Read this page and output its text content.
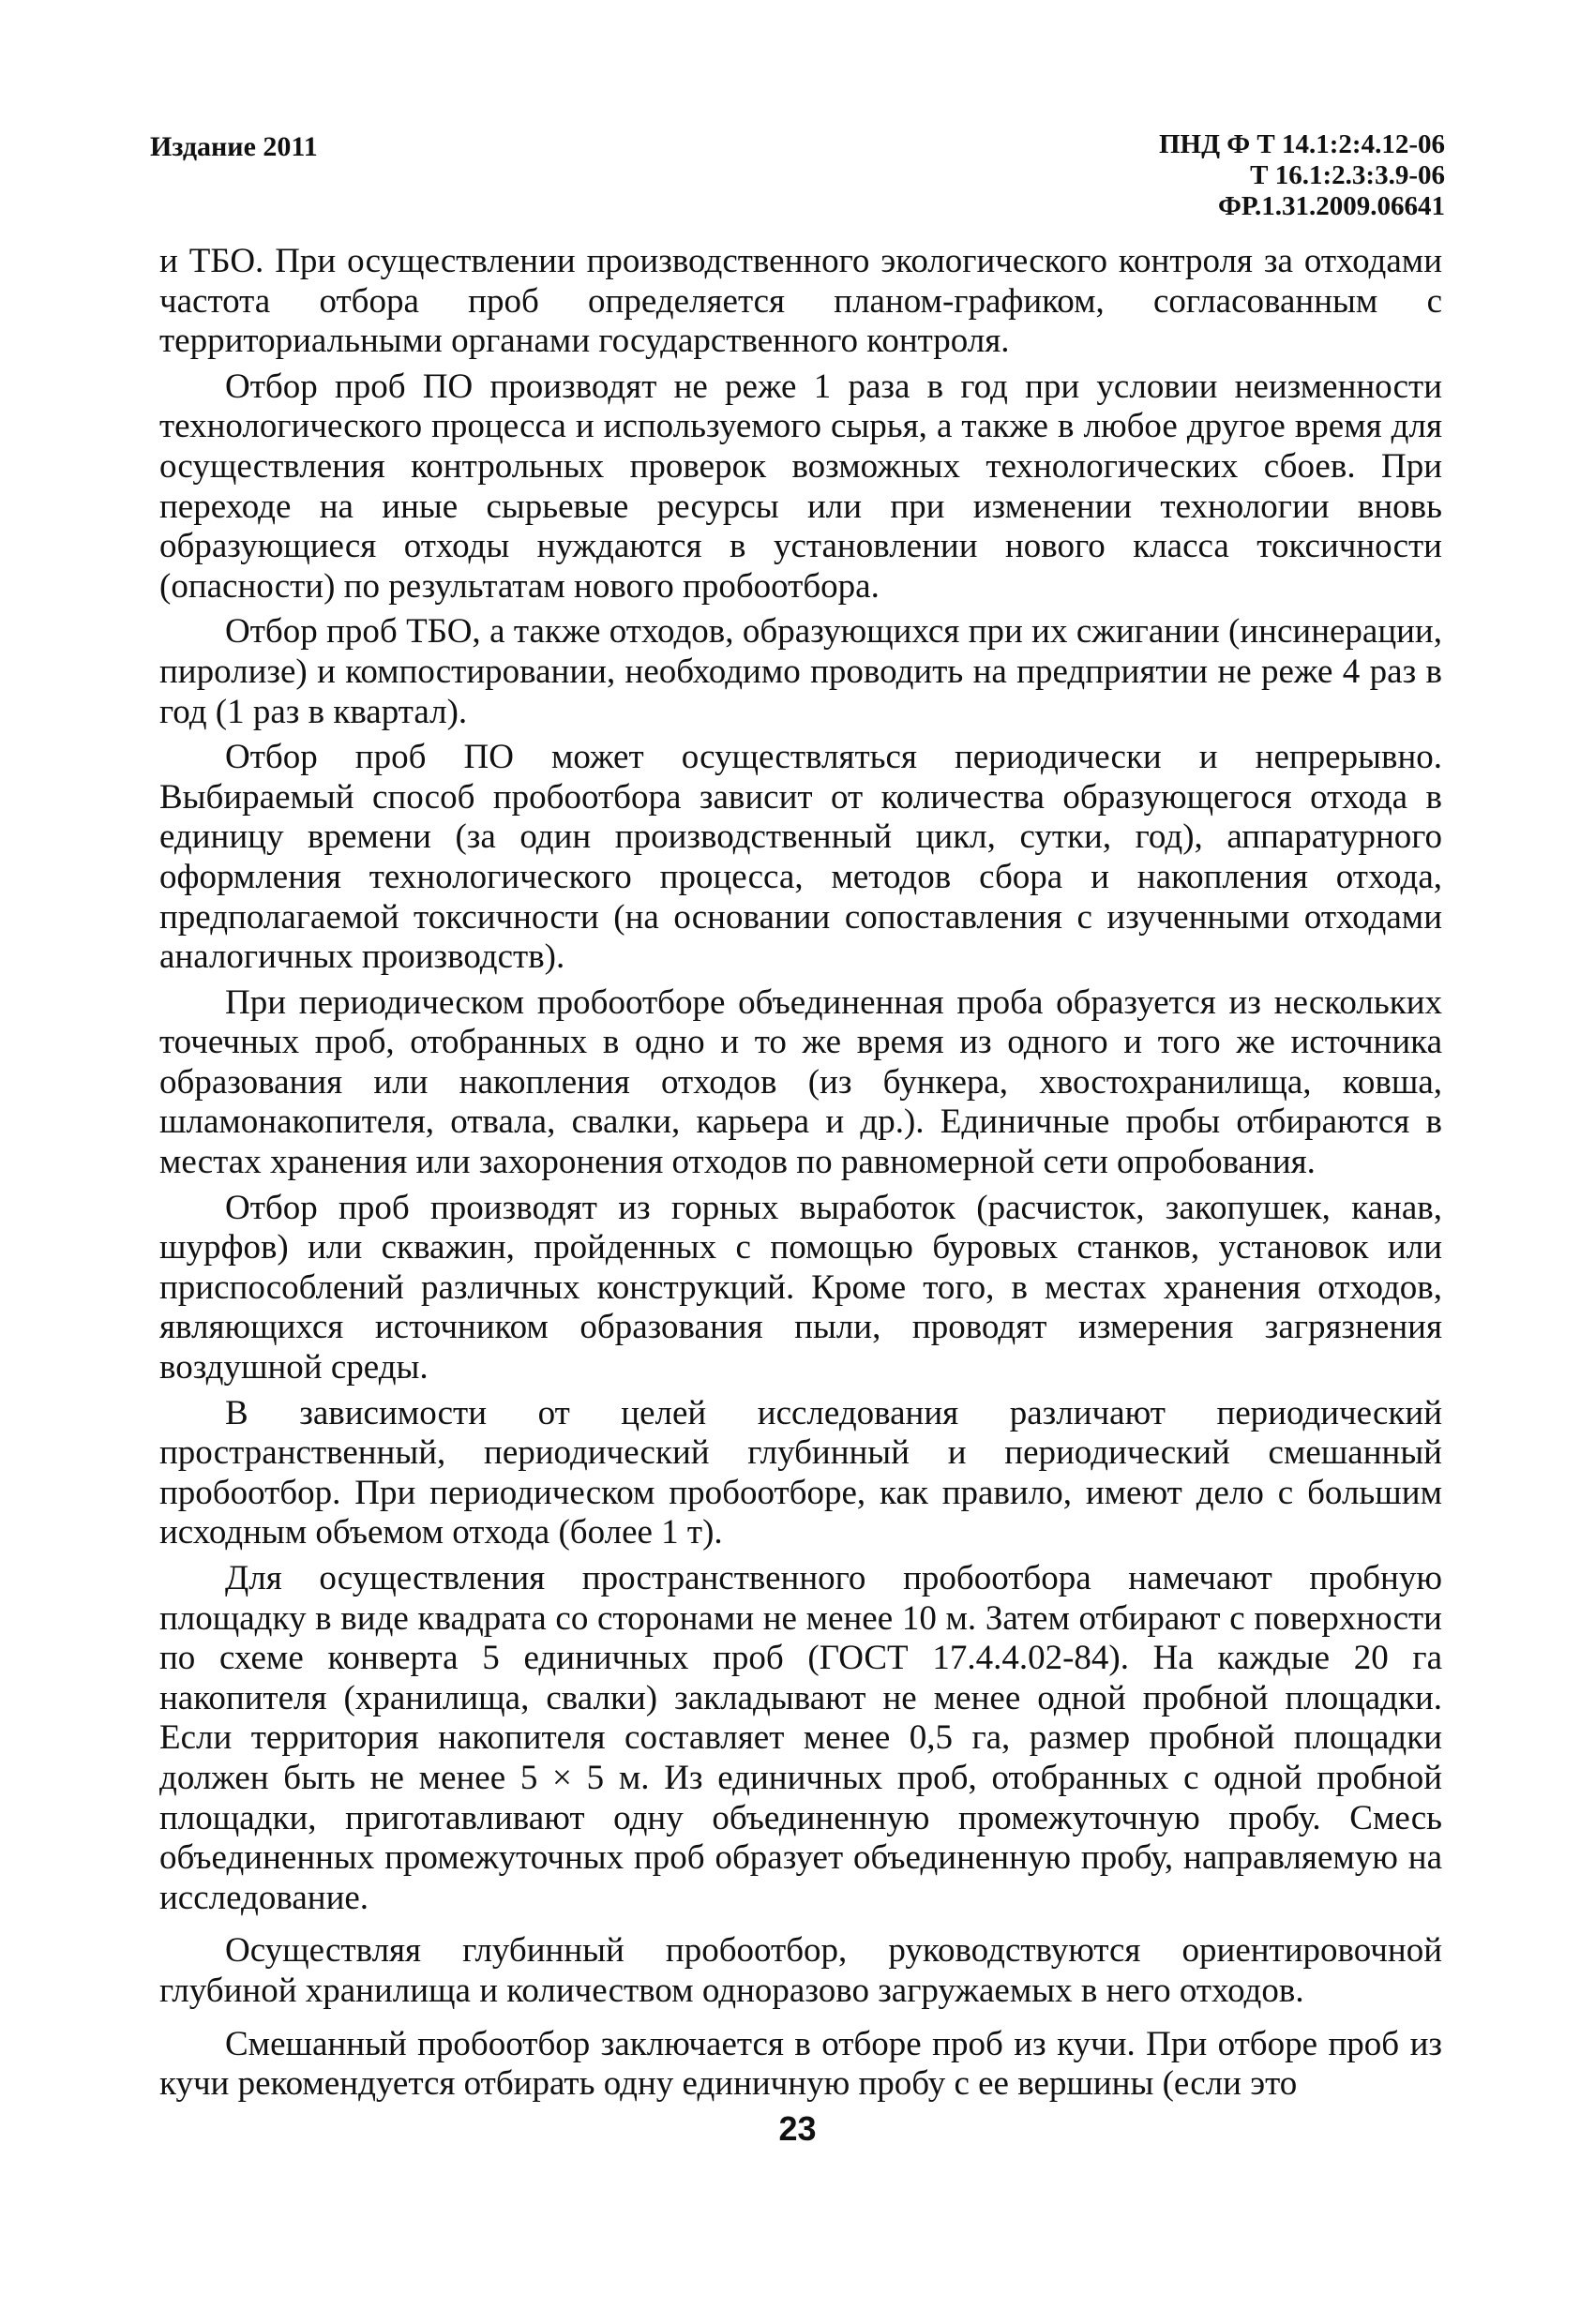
Издание 2011	ПНД Ф Т 14.1:2:4.12-06
Т 16.1:2.3:3.9-06
ФР.1.31.2009.06641

и ТБО. При осуществлении производственного экологического контроля за отходами частота отбора проб определяется планом-графиком, согласованным с территориальными органами государственного контроля.

Отбор проб ПО производят не реже 1 раза в год при условии неизменности технологического процесса и используемого сырья, а также в любое другое время для осуществления контрольных проверок возможных технологических сбоев. При переходе на иные сырьевые ресурсы или при изменении технологии вновь образующиеся отходы нуждаются в установлении нового класса токсичности (опасности) по результатам нового пробоотбора.

Отбор проб ТБО, а также отходов, образующихся при их сжигании (инсинерации, пиролизе) и компостировании, необходимо проводить на предприятии не реже 4 раз в год (1 раз в квартал).

Отбор проб ПО может осуществляться периодически и непрерывно. Выбираемый способ пробоотбора зависит от количества образующегося отхода в единицу времени (за один производственный цикл, сутки, год), аппаратурного оформления технологического процесса, методов сбора и накопления отхода, предполагаемой токсичности (на основании сопоставления с изученными отходами аналогичных производств).

При периодическом пробоотборе объединенная проба образуется из нескольких точечных проб, отобранных в одно и то же время из одного и того же источника образования или накопления отходов (из бункера, хвостохранилища, ковша, шламонакопителя, отвала, свалки, карьера и др.). Единичные пробы отбираются в местах хранения или захоронения отходов по равномерной сети опробования.

Отбор проб производят из горных выработок (расчисток, закопушек, канав, шурфов) или скважин, пройденных с помощью буровых станков, установок или приспособлений различных конструкций. Кроме того, в местах хранения отходов, являющихся источником образования пыли, проводят измерения загрязнения воздушной среды.

В зависимости от целей исследования различают периодический пространственный, периодический глубинный и периодический смешанный пробоотбор. При периодическом пробоотборе, как правило, имеют дело с большим исходным объемом отхода (более 1 т).

Для осуществления пространственного пробоотбора намечают пробную площадку в виде квадрата со сторонами не менее 10 м. Затем отбирают с поверхности по схеме конверта 5 единичных проб (ГОСТ 17.4.4.02-84). На каждые 20 га накопителя (хранилища, свалки) закладывают не менее одной пробной площадки. Если территория накопителя составляет менее 0,5 га, размер пробной площадки должен быть не менее 5 × 5 м. Из единичных проб, отобранных с одной пробной площадки, приготавливают одну объединенную промежуточную пробу. Смесь объединенных промежуточных проб образует объединенную пробу, направляемую на исследование.

Осуществляя глубинный пробоотбор, руководствуются ориентировочной глубиной хранилища и количеством одноразово загружаемых в него отходов.

Смешанный пробоотбор заключается в отборе проб из кучи. При отборе проб из кучи рекомендуется отбирать одну единичную пробу с ее вершины (если это

23
